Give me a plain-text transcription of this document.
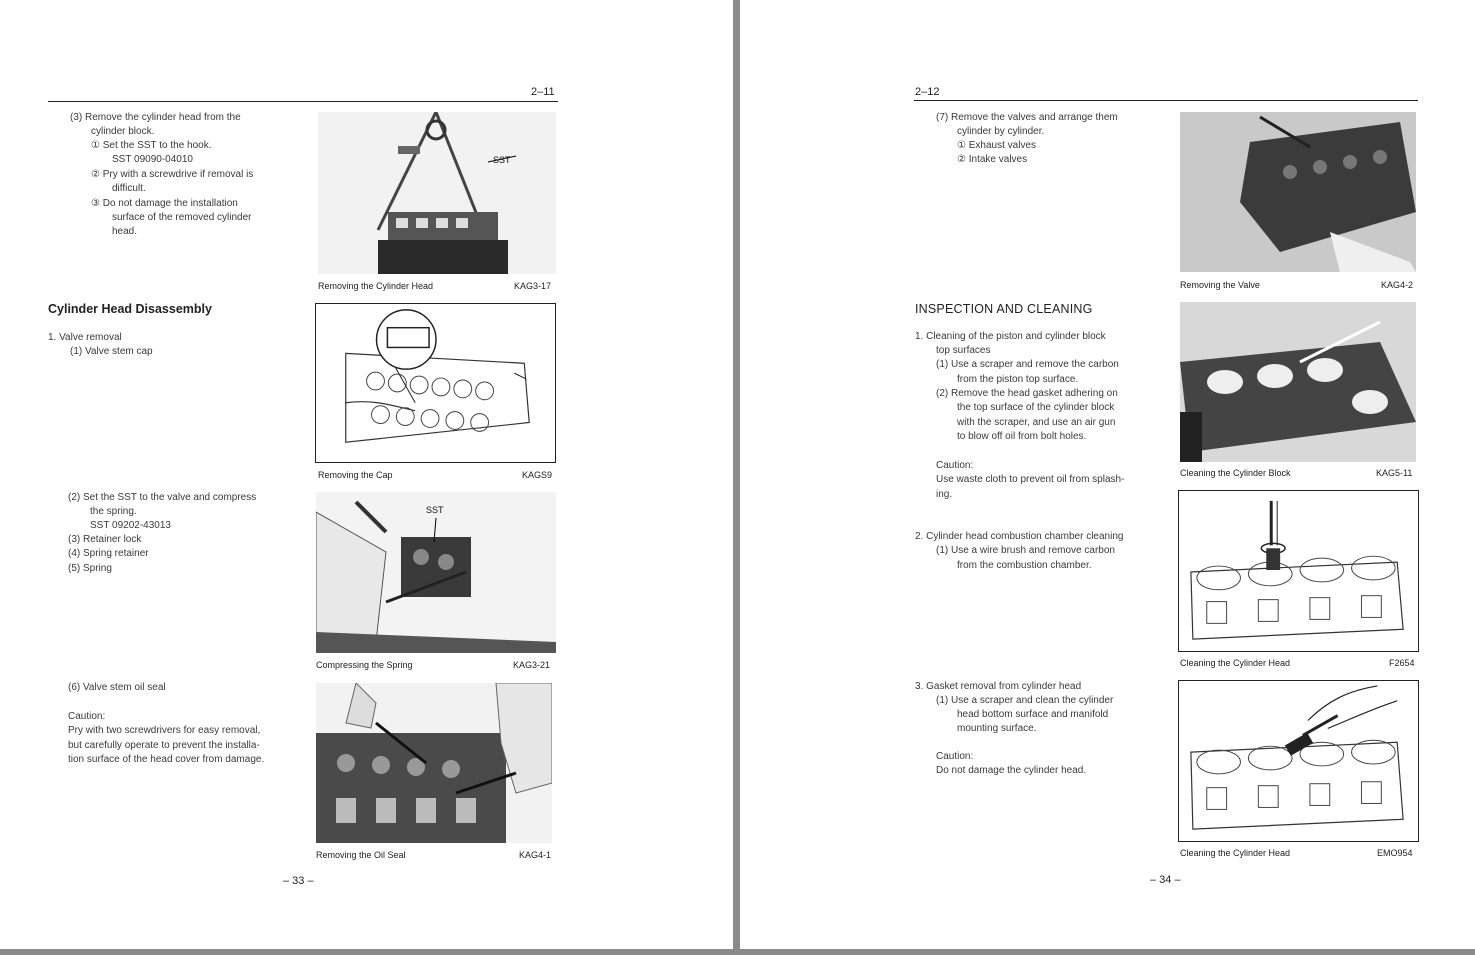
2–11
(3) Remove the cylinder head from the
cylinder block.
① Set the SST to the hook.
SST 09090-04010
② Pry with a screwdrive if removal is
difficult.
③ Do not damage the installation
surface of the removed cylinder
head.
SST
Removing the Cylinder Head	KAG3-17
Cylinder Head Disassembly
1. Valve removal
(1) Valve stem cap
Removing the Cap	KAGS9
(2) Set the SST to the valve and compress
the spring.
SST 09202-43013
(3) Retainer lock
(4) Spring retainer
(5) Spring
SST
Compressing the Spring	KAG3-21
(6) Valve stem oil seal
Caution:
Pry with two screwdrivers for easy removal,
but carefully operate to prevent the installa-
tion surface of the head cover from damage.
Removing the Oil Seal	KAG4-1
– 33 –
2–12
(7) Remove the valves and arrange them
cylinder by cylinder.
① Exhaust valves
② Intake valves
Removing the Valve	KAG4-2
INSPECTION AND CLEANING
1. Cleaning of the piston and cylinder block
top surfaces
(1) Use a scraper and remove the carbon
from the piston top surface.
(2) Remove the head gasket adhering on
the top surface of the cylinder block
with the scraper, and use an air gun
to blow off oil from bolt holes.
Caution:
Use waste cloth to prevent oil from splash-
ing.
Cleaning the Cylinder Block	KAG5-11
2. Cylinder head combustion chamber cleaning
(1) Use a wire brush and remove carbon
from the combustion chamber.
Cleaning the Cylinder Head	F2654
3. Gasket removal from cylinder head
(1) Use a scraper and clean the cylinder
head bottom surface and manifold
mounting surface.
Caution:
Do not damage the cylinder head.
Cleaning the Cylinder Head	EMO954
– 34 –
